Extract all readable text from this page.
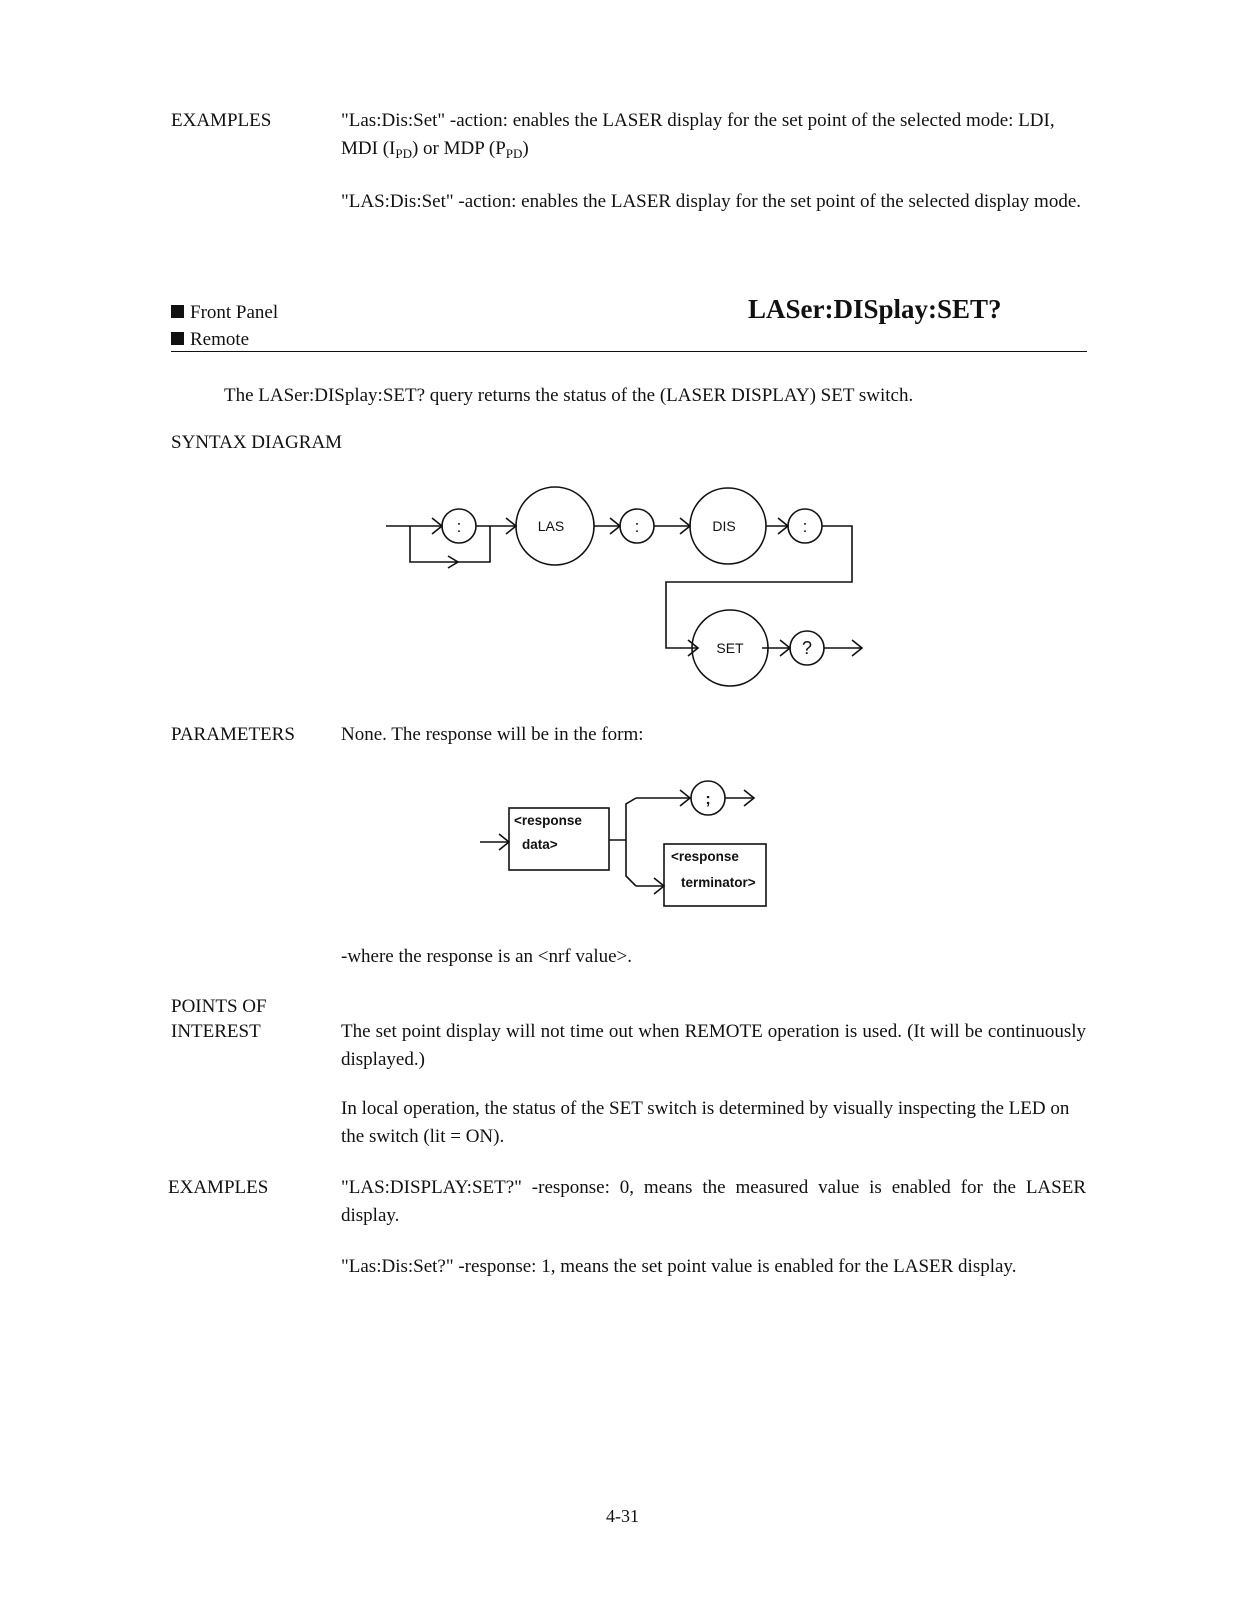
EXAMPLES	"Las:Dis:Set" -action: enables the LASER display for the set point of the selected mode: LDI,
MDI $(I_{PD})$ or MDP $(P_{PD})$
"LAS:Dis:Set" -action: enables the LASER display for the set point of the selected display mode.
Front Panel
Remote
LASer:DISplay:SET?
The LASer:DISplay:SET? query returns the status of the (LASER DISPLAY) SET switch.
SYNTAX DIAGRAM
:	LAS	:	DIS	:
SET	?
PARAMETERS None. The response will be in the form:
<response
data>
;
<response
terminator>
-where the response is an <nrf value>.
POINTS OF
INTEREST	The set point display will not time out when REMOTE operation is used. (It will be continuously displayed.)
In local operation, the status of the SET switch is determined by visually inspecting the LED on the switch (lit = ON).
EXAMPLES	"LAS:DISPLAY:SET?" -response: 0, means the measured value is enabled for the LASER display.
"Las:Dis:Set?" -response: 1, means the set point value is enabled for the LASER display.
4-31
